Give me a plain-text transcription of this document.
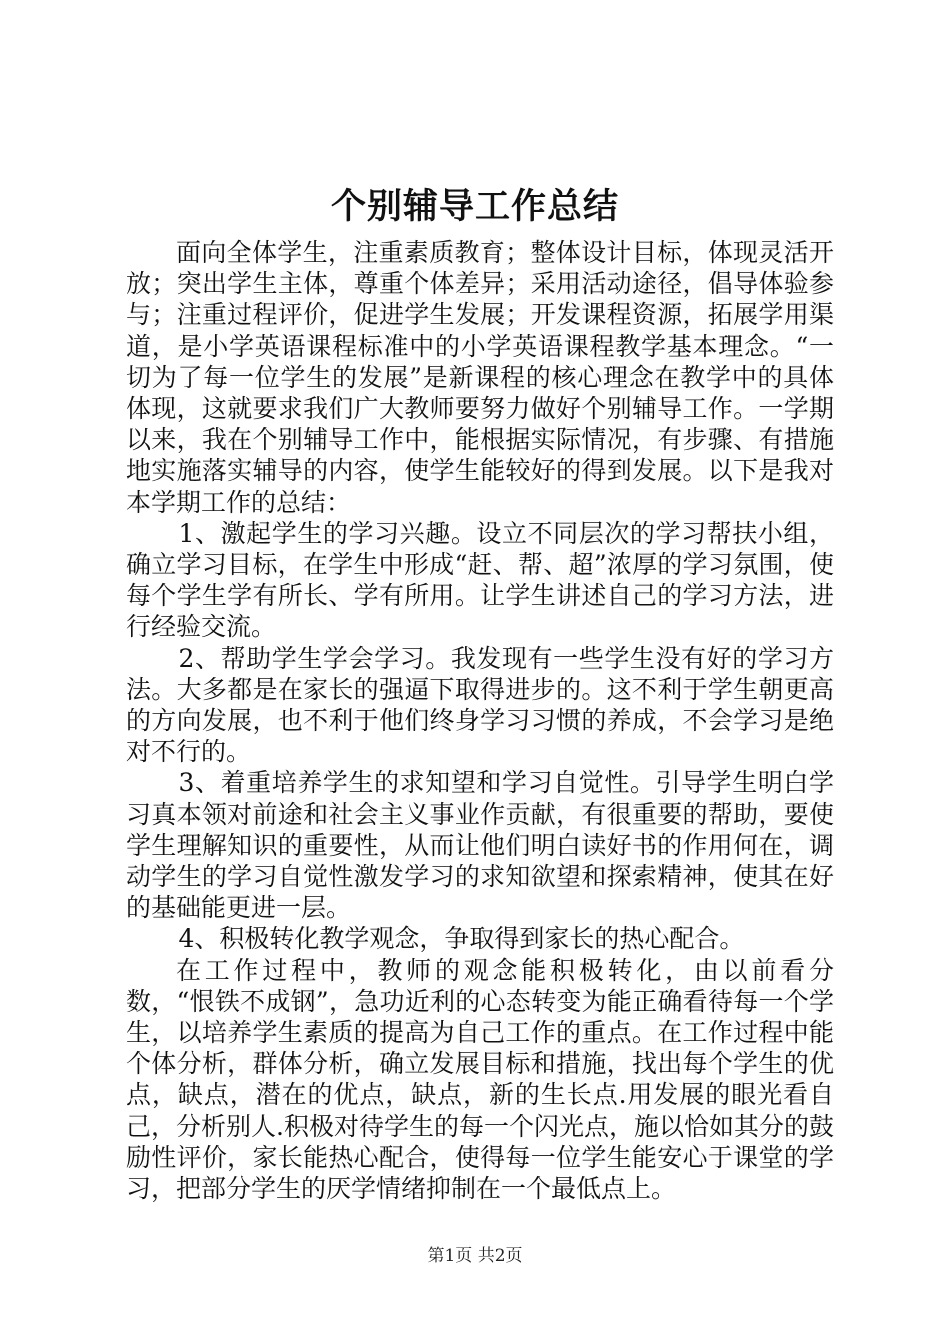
个别辅导工作总结

面向全体学生，注重素质教育；整体设计目标，体现灵活开放；突出学生主体，尊重个体差异；采用活动途径，倡导体验参与；注重过程评价，促进学生发展；开发课程资源，拓展学用渠道，是小学英语课程标准中的小学英语课程教学基本理念。“一切为了每一位学生的发展”是新课程的核心理念在教学中的具体体现，这就要求我们广大教师要努力做好个别辅导工作。一学期以来，我在个别辅导工作中，能根据实际情况，有步骤、有措施地实施落实辅导的内容，使学生能较好的得到发展。以下是我对本学期工作的总结：

1、激起学生的学习兴趣。设立不同层次的学习帮扶小组，确立学习目标，在学生中形成“赶、帮、超”浓厚的学习氛围，使每个学生学有所长、学有所用。让学生讲述自己的学习方法，进行经验交流。

2、帮助学生学会学习。我发现有一些学生没有好的学习方法。大多都是在家长的强逼下取得进步的。这不利于学生朝更高的方向发展，也不利于他们终身学习习惯的养成，不会学习是绝对不行的。

3、着重培养学生的求知望和学习自觉性。引导学生明白学习真本领对前途和社会主义事业作贡献，有很重要的帮助，要使学生理解知识的重要性，从而让他们明白读好书的作用何在，调动学生的学习自觉性激发学习的求知欲望和探索精神，使其在好的基础能更进一层。

4、积极转化教学观念，争取得到家长的热心配合。

在工作过程中，教师的观念能积极转化，由以前看分数，“恨铁不成钢”，急功近利的心态转变为能正确看待每一个学生，以培养学生素质的提高为自己工作的重点。在工作过程中能个体分析，群体分析，确立发展目标和措施，找出每个学生的优点，缺点，潜在的优点，缺点，新的生长点.用发展的眼光看自己，分析别人.积极对待学生的每一个闪光点，施以恰如其分的鼓励性评价，家长能热心配合，使得每一位学生能安心于课堂的学习，把部分学生的厌学情绪抑制在一个最低点上。

第1页 共2页
